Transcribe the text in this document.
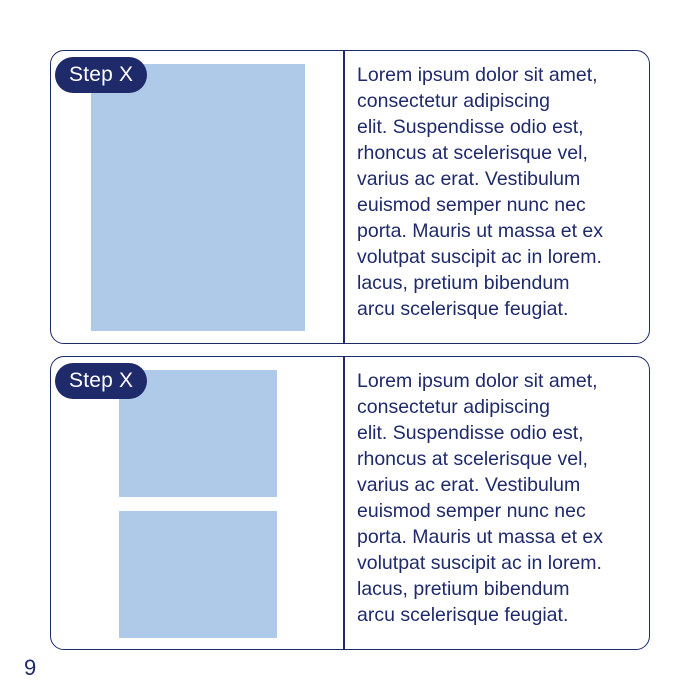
Step X	Lorem ipsum dolor sit amet,
consectetur adipiscing
elit. Suspendisse odio est,
rhoncus at scelerisque vel,
varius ac erat. Vestibulum
euismod semper nunc nec
porta. Mauris ut massa et ex
volutpat suscipit ac in lorem.
lacus, pretium bibendum
arcu scelerisque feugiat.
Step X	Lorem ipsum dolor sit amet,
consectetur adipiscing
elit. Suspendisse odio est,
rhoncus at scelerisque vel,
varius ac erat. Vestibulum
euismod semper nunc nec
porta. Mauris ut massa et ex
volutpat suscipit ac in lorem.
lacus, pretium bibendum
arcu scelerisque feugiat.
9
